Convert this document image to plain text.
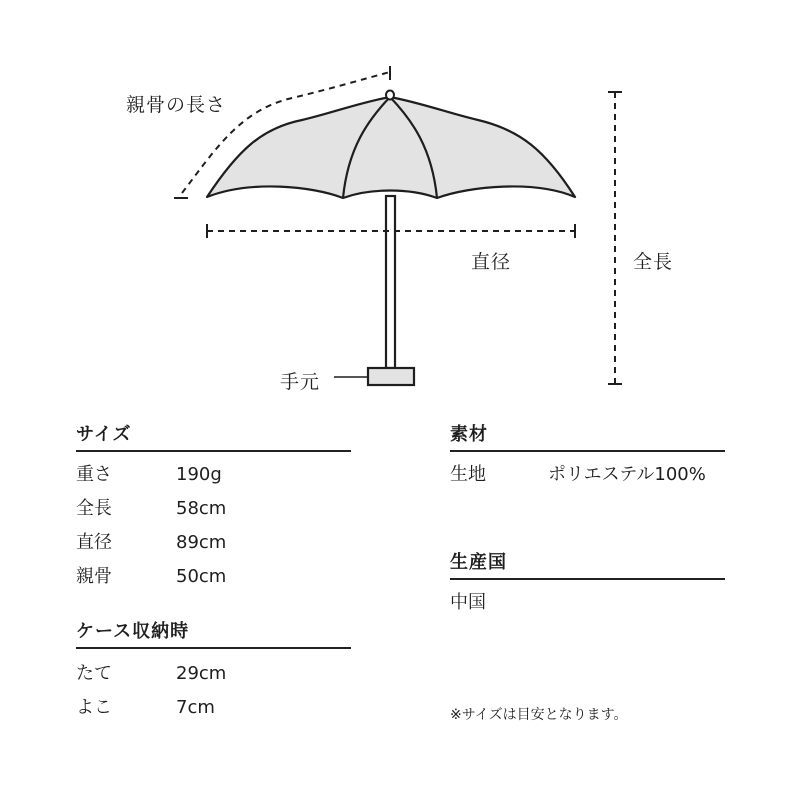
親骨の長さ
直径	全長
手元
サイズ
重さ	190g
全長	58cm
直径	89cm
親骨	50cm
ケース収納時
たて	29cm
よこ	7cm
素材
生地	ポリエステル100%
生産国
中国
※サイズは目安となります。
